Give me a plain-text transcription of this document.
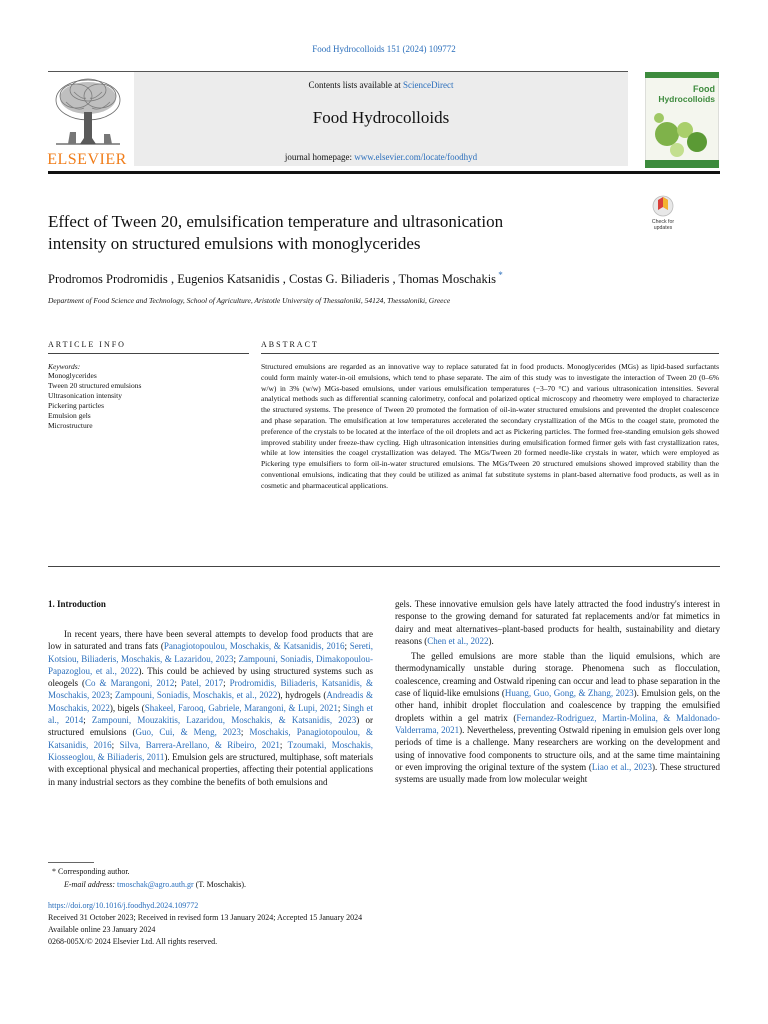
Food Hydrocolloids 151 (2024) 109772
Contents lists available at ScienceDirect
Food Hydrocolloids
journal homepage: www.elsevier.com/locate/foodhyd
ELSEVIER
Food
Hydrocolloids
Effect of Tween 20, emulsification temperature and ultrasonication
intensity on structured emulsions with monoglycerides
Check for
updates
Prodromos Prodromidis , Eugenios Katsanidis , Costas G. Biliaderis , Thomas Moschakis *
Department of Food Science and Technology, School of Agriculture, Aristotle University of Thessaloniki, 54124, Thessaloniki, Greece
ARTICLE INFO	ABSTRACT
Keywords:
Monoglycerides
Tween 20 structured emulsions
Ultrasonication intensity
Pickering particles
Emulsion gels
Microstructure
Structured emulsions are regarded as an innovative way to replace saturated fat in food products. Monoglycerides (MGs) as lipid-based surfactants could form mainly water-in-oil emulsions, which tend to phase separate. The aim of this study was to investigate the interaction of Tween 20 (0–6% w/w) in 3% (w/w) MGs-based emulsions, under various emulsification temperatures (−3–70 °C) and various ultrasonication intensities. Several analytical methods such as differential scanning calorimetry, confocal and polarized optical microscopy and rheometry were employed to characterize the structured systems. The presence of Tween 20 promoted the formation of oil-in-water structured emulsions and prevented the droplet coalescence and phase separation. The emulsification at low temperatures accelerated the secondary crystallization of the MGs to the coagel state, promoted the preference of the crystals to be located at the interface of the oil droplets and act as Pickering particles. The formed free-standing emulsion gels showed improved stability under freeze-thaw cycling. High ultrasonication intensities during emulsification formed firmer gels with fast crystallization rates, while at low intensities the coagel crystallization was delayed. The MGs/Tween 20 formed needle-like crystals in water, which were employed as Pickering type emulsifiers to form oil-in-water structured emulsions. The MGs/Tween 20 structured emulsions showed improved stability than the conventional emulsions, indicating that they could be utilized as animal fat substitute systems in plant-based alternative food products, as well as in cosmetic and pharmaceutical applications.
1. Introduction

In recent years, there have been several attempts to develop food products that are low in saturated and trans fats (Panagiotopoulou, Moschakis, & Katsanidis, 2016; Sereti, Kotsiou, Biliaderis, Moschakis, & Lazaridou, 2023; Zampouni, Soniadis, Dimakopoulou-Papazoglou, et al., 2022). This could be achieved by using structured systems such as oleogels (Co & Marangoni, 2012; Patel, 2017; Prodromidis, Biliaderis, Katsanidis, & Moschakis, 2023; Zampouni, Soniadis, Moschakis, et al., 2022), hydrogels (Andreadis & Moschakis, 2022), bigels (Shakeel, Farooq, Gabriele, Marangoni, & Lupi, 2021; Singh et al., 2014; Zampouni, Mouzakitis, Lazaridou, Moschakis, & Katsanidis, 2023) or structured emulsions (Guo, Cui, & Meng, 2023; Moschakis, Panagiotopoulou, & Katsanidis, 2016; Silva, Barrera-Arellano, & Ribeiro, 2021; Tzoumaki, Moschakis, Kiosseoglou, & Biliaderis, 2011). Emulsion gels are structured, multiphase, soft materials with exceptional physical and mechanical properties, affecting their potential applications in many industrial sectors as they combine the benefits of both emulsions and

gels. These innovative emulsion gels have lately attracted the food industry's interest in response to the growing demand for saturated fat replacements and/or fat mimetics in dairy and meat alternatives–plant-based products for health, sustainability and dietary reasons (Chen et al., 2022).

The gelled emulsions are more stable than the liquid emulsions, which are thermodynamically unstable during storage. Phenomena such as flocculation, coalescence, creaming and Ostwald ripening can occur and lead to phase separation in the case of liquid-like emulsions (Huang, Guo, Gong, & Zhang, 2023). Emulsion gels, on the other hand, inhibit droplet flocculation and coalescence by trapping the emulsified droplets within a gel matrix (Fernandez-Rodriguez, Martin-Molina, & Maldonado-Valderrama, 2021). Nevertheless, preventing Ostwald ripening in emulsion gels over long periods of time is a challenge. Many researchers are working on the development and using of innovative food components to structure oils, and at the same time maintaining or even improving the original texture of the system (Liao et al., 2023). These structured systems are usually made from low molecular weight

* Corresponding author.
E-mail address: tmoschak@agro.auth.gr (T. Moschakis).
https://doi.org/10.1016/j.foodhyd.2024.109772
Received 31 October 2023; Received in revised form 13 January 2024; Accepted 15 January 2024
Available online 23 January 2024
0268-005X/© 2024 Elsevier Ltd. All rights reserved.
